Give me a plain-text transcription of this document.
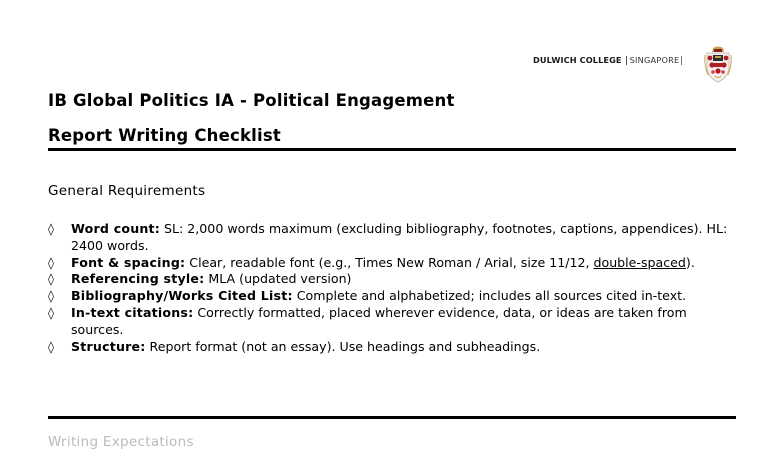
DULWICH COLLEGE SINGAPORE
IB Global Politics IA - Political Engagement
Report Writing Checklist
General Requirements
◊	Word count: SL: 2,000 words maximum (excluding bibliography, footnotes, captions, appendices). HL: 2400 words.
◊	Font & spacing: Clear, readable font (e.g., Times New Roman / Arial, size 11/12, double-spaced).
◊	Referencing style: MLA (updated version)
◊	Bibliography/Works Cited List: Complete and alphabetized; includes all sources cited in-text.
◊	In-text citations: Correctly formatted, placed wherever evidence, data, or ideas are taken from sources.
◊	Structure: Report format (not an essay). Use headings and subheadings.
Writing Expectations
